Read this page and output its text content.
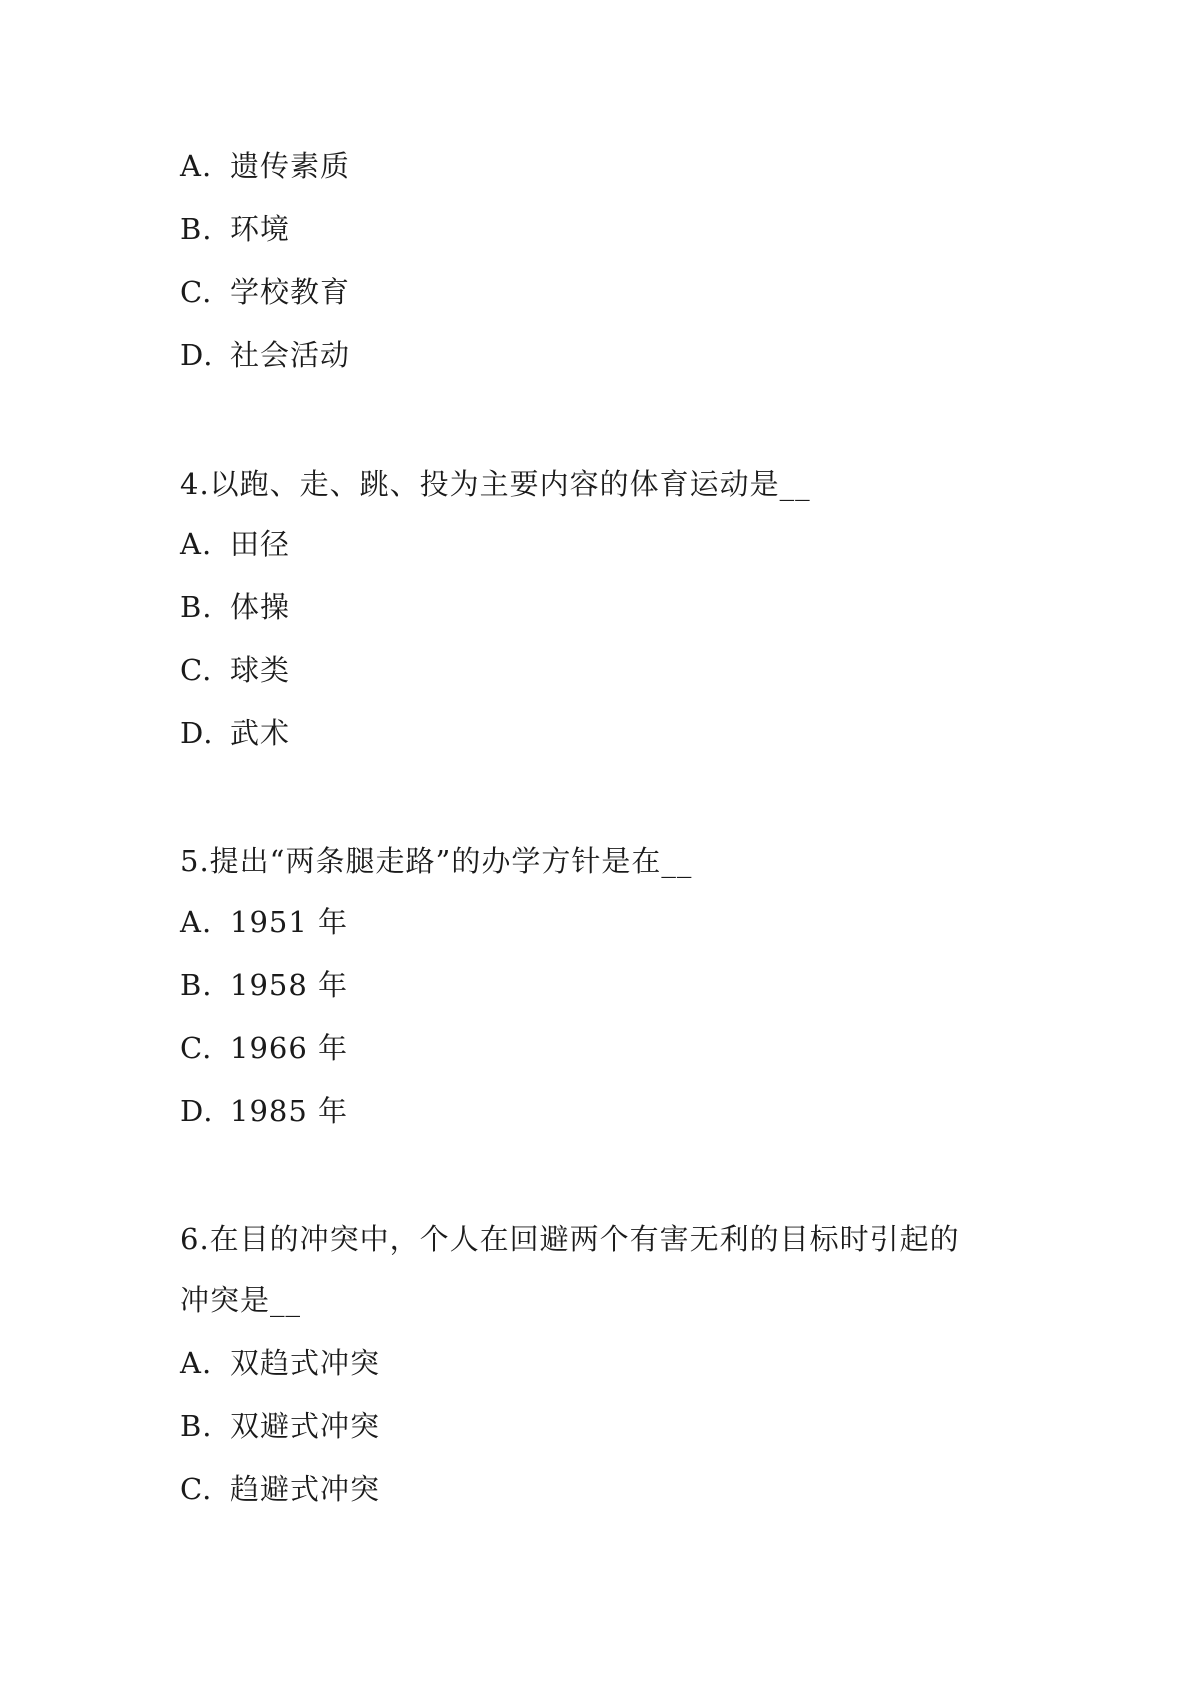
A. 遗传素质
B. 环境
C. 学校教育
D. 社会活动
4.以跑、走、跳、投为主要内容的体育运动是__
A. 田径
B. 体操
C. 球类
D. 武术
5.提出“两条腿走路”的办学方针是在__
A. 1951 年
B. 1958 年
C. 1966 年
D. 1985 年
6.在目的冲突中，个人在回避两个有害无利的目标时引起的
冲突是__
A. 双趋式冲突
B. 双避式冲突
C. 趋避式冲突
